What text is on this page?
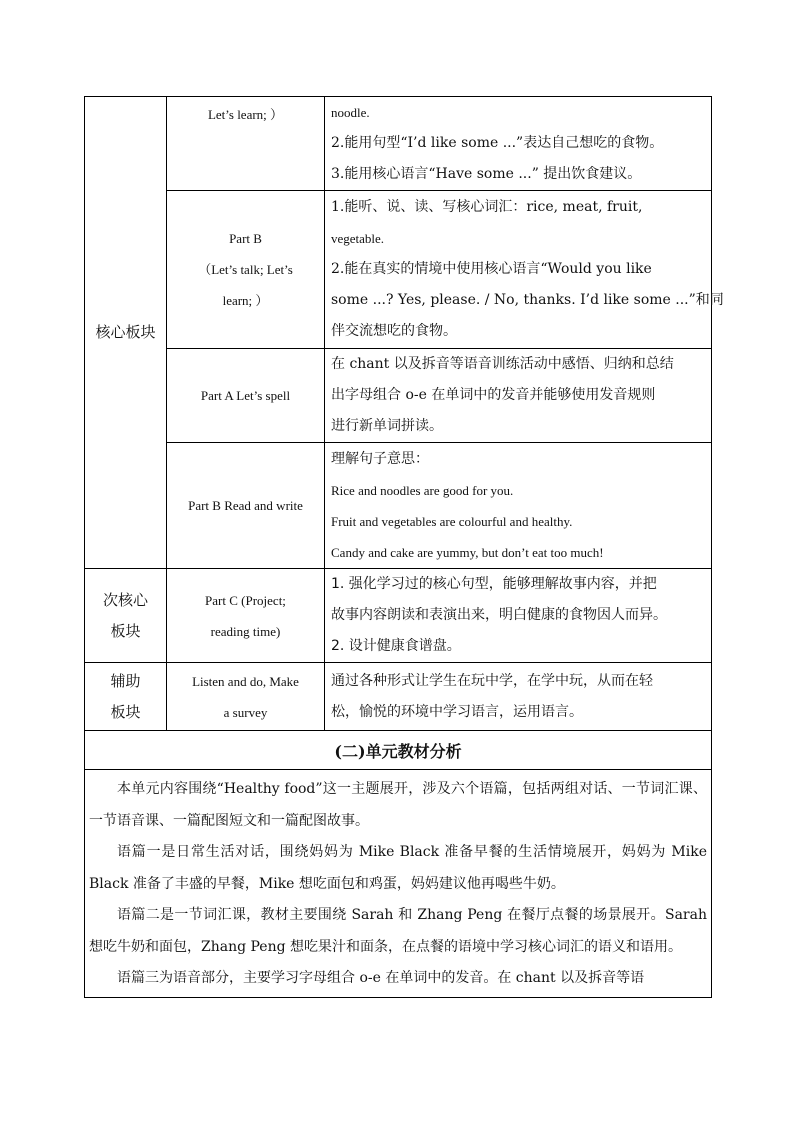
核心板块	Let’s learn; ）	noodle.
2.能用句型“I’d like some ...”表达自己想吃的食物。
3.能用核心语言“Have some ...” 提出饮食建议。

	Part B
（Let’s talk; Let’s
learn; ）	1.能听、说、读、写核心词汇：rice, meat, fruit,
vegetable.
2.能在真实的情境中使用核心语言“Would you like
some ...? Yes, please. / No, thanks. I’d like some ...”和同
伴交流想吃的食物。

	Part A Let’s spell	在 chant 以及拆音等语音训练活动中感悟、归纳和总结
出字母组合 o-e 在单词中的发音并能够使用发音规则
进行新单词拼读。

	Part B Read and write	理解句子意思：
Rice and noodles are good for you.
Fruit and vegetables are colourful and healthy.
Candy and cake are yummy, but don’t eat too much!

次核心
板块	Part C (Project;
reading time)	1. 强化学习过的核心句型，能够理解故事内容，并把
故事内容朗读和表演出来，明白健康的食物因人而异。
2. 设计健康食谱盘。

辅助
板块	Listen and do, Make
a survey	通过各种形式让学生在玩中学，在学中玩，从而在轻
松，愉悦的环境中学习语言，运用语言。

(二)单元教材分析		

本单元内容围绕“Healthy food”这一主题展开，涉及六个语篇，包括两组对话、一节词汇课、一节语音课、一篇配图短文和一篇配图故事。

语篇一是日常生活对话，围绕妈妈为 Mike Black 准备早餐的生活情境展开，妈妈为 Mike Black 准备了丰盛的早餐，Mike 想吃面包和鸡蛋，妈妈建议他再喝些牛奶。

语篇二是一节词汇课，教材主要围绕 Sarah 和 Zhang Peng 在餐厅点餐的场景展开。Sarah 想吃牛奶和面包，Zhang Peng 想吃果汁和面条，在点餐的语境中学习核心词汇的语义和语用。

语篇三为语音部分，主要学习字母组合 o-e 在单词中的发音。在 chant 以及拆音等语		
